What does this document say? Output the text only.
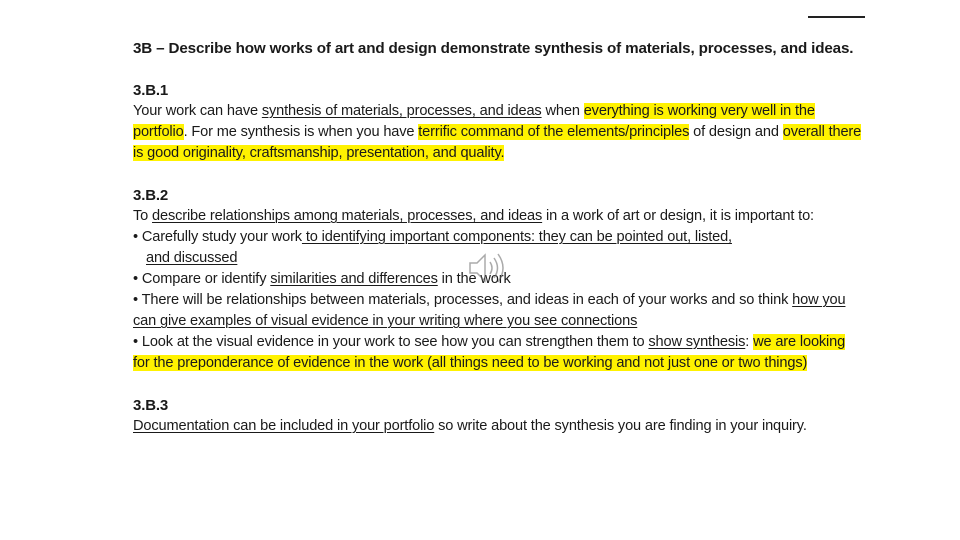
3B – Describe how works of art and design demonstrate synthesis of materials, processes, and ideas.

3.B.1

Your work can have synthesis of materials, processes, and ideas when everything is working very well in the portfolio. For me synthesis is when you have terrific command of the elements/principles of design and overall there is good originality, craftsmanship, presentation, and quality.

3.B.2

To describe relationships among materials, processes, and ideas in a work of art or design, it is important to:

• Carefully study your work to identifying important components: they can be pointed out, listed,

and discussed

• Compare or identify similarities and differences in the work

• There will be relationships between materials, processes, and ideas in each of your works and so think how you can give examples of visual evidence in your writing where you see connections

• Look at the visual evidence in your work to see how you can strengthen them to show synthesis: we are looking for the preponderance of evidence in the work (all things need to be working and not just one or two things)

3.B.3

Documentation can be included in your portfolio so write about the synthesis you are finding in your inquiry.
